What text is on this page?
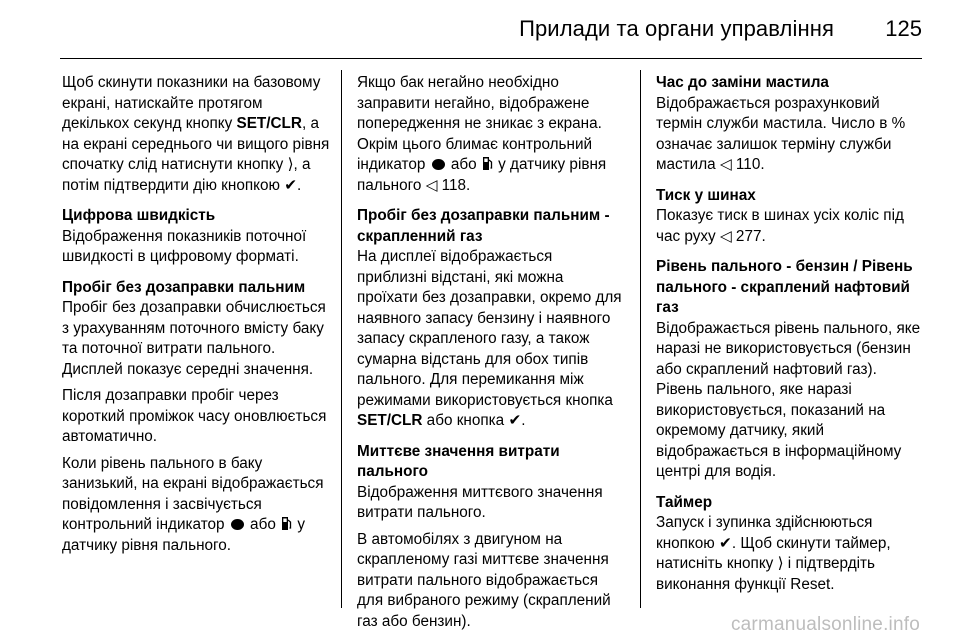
Прилади та органи управління 125

Щоб скинути показники на базовому екрані, натискайте протягом декількох секунд кнопку SET/CLR, а на екрані середнього чи вищого рівня спочатку слід натиснути кнопку ⟩, а потім підтвердити дію кнопкою ✔.

Цифрова швидкість

Відображення показників поточної швидкості в цифровому форматі.

Пробіг без дозаправки пальним

Пробіг без дозаправки обчислюється з урахуванням поточного вмісту баку та поточної витрати пального. Дисплей показує середні значення.

Після дозаправки пробіг через короткий проміжок часу оновлюється автоматично.

Коли рівень пального в баку занизький, на екрані відображається повідомлення і засвічується контрольний індикатор  або  у датчику рівня пального.

Якщо бак негайно необхідно заправити негайно, відображене попередження не зникає з екрана. Окрім цього блимає контрольний індикатор  або  у датчику рівня пального ◁ 118.

Пробіг без дозаправки пальним - скрапленний газ

На дисплеї відображається приблизні відстані, які можна проїхати без дозаправки, окремо для наявного запасу бензину і наявного запасу скрапленого газу, а також сумарна відстань для обох типів пального. Для перемикання між режимами використовується кнопка SET/CLR або кнопка ✔.

Миттєве значення витрати пального

Відображення миттєвого значення витрати пального.

В автомобілях з двигуном на скрапленому газі миттєве значення витрати пального відображається для вибраного режиму (скраплений газ або бензин).

Час до заміни мастила

Відображається розрахунковий термін служби мастила. Число в % означає залишок терміну служби мастила ◁ 110.

Тиск у шинах

Показує тиск в шинах усіх коліс під час руху ◁ 277.

Рівень пального - бензин / Рівень пального - скраплений нафтовий газ

Відображається рівень пального, яке наразі не використовується (бензин або скраплений нафтовий газ). Рівень пального, яке наразі використовується, показаний на окремому датчику, який відображається в інформаційному центрі для водія.

Таймер

Запуск і зупинка здійснюються кнопкою ✔. Щоб скинути таймер, натисніть кнопку ⟩ і підтвердіть виконання функції Reset.

carmanualsonline.info
